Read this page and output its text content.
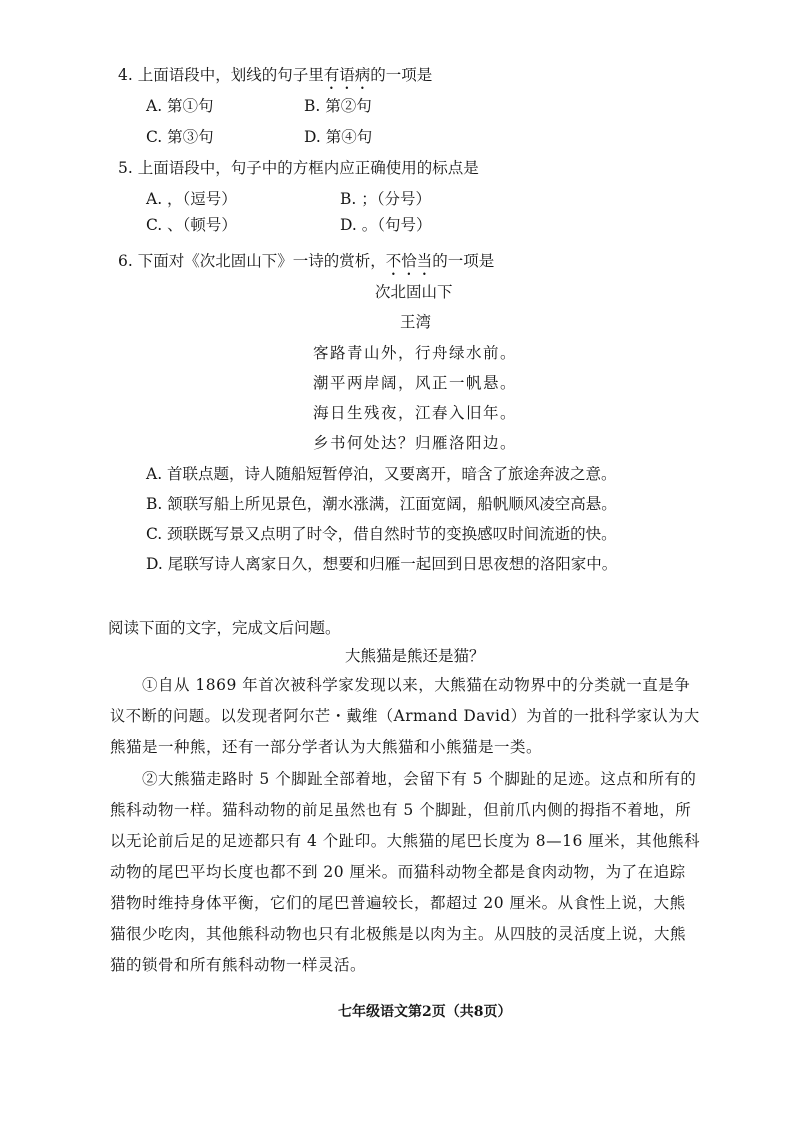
4. 上面语段中，划线的句子里有语病的一项是
A. 第①句	B. 第②句
C. 第③句	D. 第④句
5. 上面语段中，句子中的方框内应正确使用的标点是
A. ，（逗号）	B. ；（分号）
C. 、（顿号）	D. 。（句号）
6. 下面对《次北固山下》一诗的赏析，不恰当的一项是
次北固山下
王湾
客路青山外，行舟绿水前。
潮平两岸阔，风正一帆悬。
海日生残夜，江春入旧年。
乡书何处达？归雁洛阳边。
A. 首联点题，诗人随船短暂停泊，又要离开，暗含了旅途奔波之意。
B. 颔联写船上所见景色，潮水涨满，江面宽阔，船帆顺风凌空高悬。
C. 颈联既写景又点明了时令，借自然时节的变换感叹时间流逝的快。
D. 尾联写诗人离家日久，想要和归雁一起回到日思夜想的洛阳家中。
阅读下面的文字，完成文后问题。
大熊猫是熊还是猫？
①自从 1869 年首次被科学家发现以来，大熊猫在动物界中的分类就一直是争
议不断的问题。以发现者阿尔芒・戴维（Armand David）为首的一批科学家认为大
熊猫是一种熊，还有一部分学者认为大熊猫和小熊猫是一类。
②大熊猫走路时 5 个脚趾全部着地，会留下有 5 个脚趾的足迹。这点和所有的
熊科动物一样。猫科动物的前足虽然也有 5 个脚趾，但前爪内侧的拇指不着地，所
以无论前后足的足迹都只有 4 个趾印。大熊猫的尾巴长度为 8—16 厘米，其他熊科
动物的尾巴平均长度也都不到 20 厘米。而猫科动物全都是食肉动物，为了在追踪
猎物时维持身体平衡，它们的尾巴普遍较长，都超过 20 厘米。从食性上说，大熊
猫很少吃肉，其他熊科动物也只有北极熊是以肉为主。从四肢的灵活度上说，大熊
猫的锁骨和所有熊科动物一样灵活。
七年级语文第2页（共8页）
